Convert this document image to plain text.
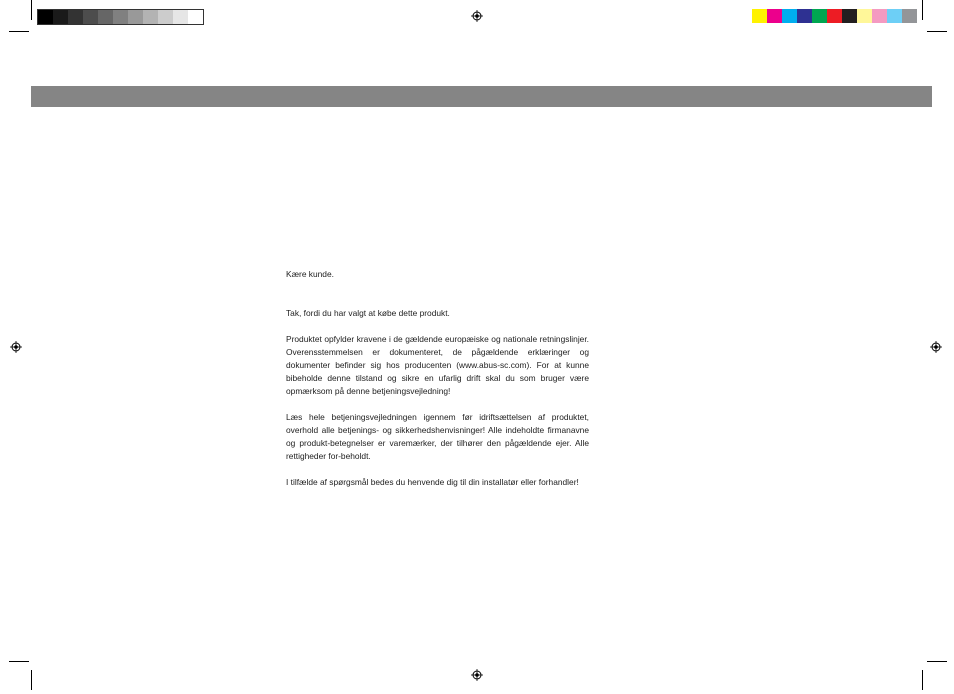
Kære kunde.

Tak, fordi du har valgt at købe dette produkt.

Produktet opfylder kravene i de gældende europæiske og nationale retningslinjer. Overensstemmelsen er dokumenteret, de pågældende erklæringer og dokumenter befinder sig hos producenten (www.abus-sc.com). For at kunne bibeholde denne tilstand og sikre en ufarlig drift skal du som bruger være opmærksom på denne betjeningsvejledning!

Læs hele betjeningsvejledningen igennem før idriftsættelsen af produktet, overhold alle betjenings- og sikkerhedshenvisninger! Alle indeholdte firmanavne og produkt-betegnelser er varemærker, der tilhører den pågældende ejer. Alle rettigheder for-beholdt.

I tilfælde af spørgsmål bedes du henvende dig til din installatør eller forhandler!
